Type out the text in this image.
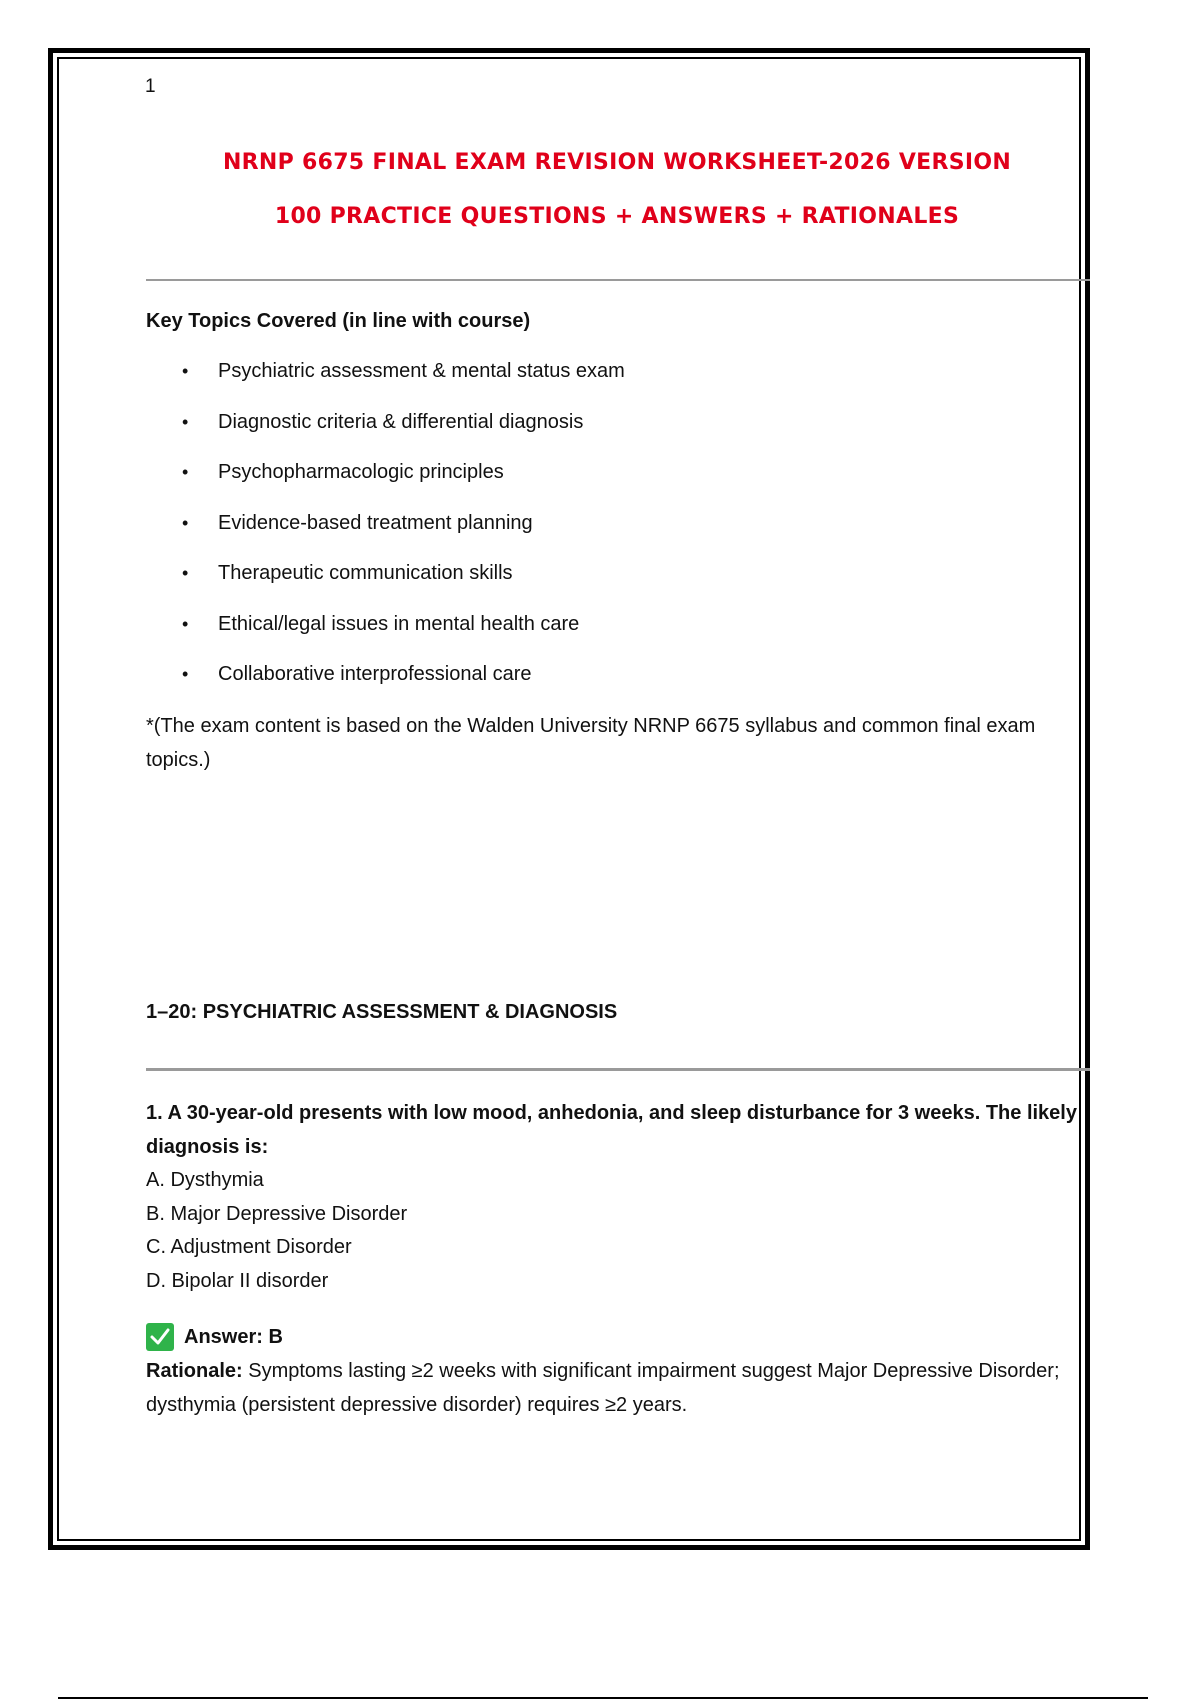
1
NRNP 6675 FINAL EXAM REVISION WORKSHEET-2026 VERSION
100 PRACTICE QUESTIONS + ANSWERS + RATIONALES
Key Topics Covered (in line with course)
• Psychiatric assessment & mental status exam
• Diagnostic criteria & differential diagnosis
• Psychopharmacologic principles
• Evidence-based treatment planning
• Therapeutic communication skills
• Ethical/legal issues in mental health care
• Collaborative interprofessional care
*(The exam content is based on the Walden University NRNP 6675 syllabus and common final exam topics.)
1–20: PSYCHIATRIC ASSESSMENT & DIAGNOSIS
1. A 30-year-old presents with low mood, anhedonia, and sleep disturbance for 3 weeks. The likely diagnosis is:
A. Dysthymia
B. Major Depressive Disorder
C. Adjustment Disorder
D. Bipolar II disorder
Answer: B
Rationale: Symptoms lasting ≥2 weeks with significant impairment suggest Major Depressive Disorder; dysthymia (persistent depressive disorder) requires ≥2 years.
